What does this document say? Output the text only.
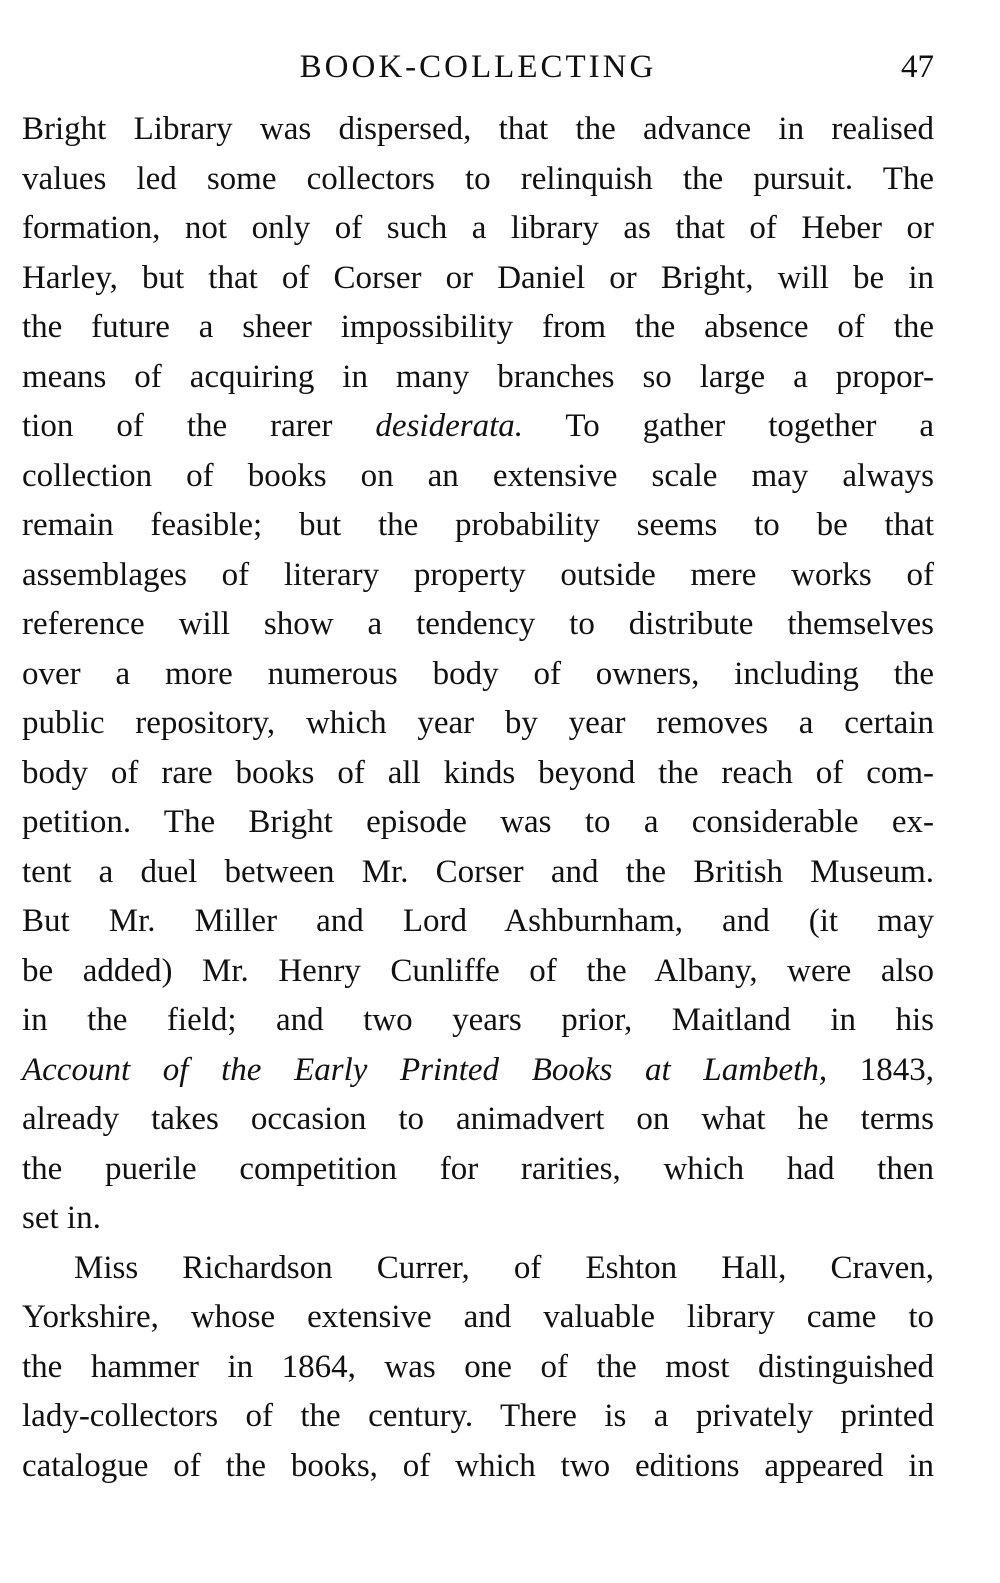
BOOK-COLLECTING	47
Bright Library was dispersed, that the advance in realised
values led some collectors to relinquish the pursuit. The
formation, not only of such a library as that of Heber or
Harley, but that of Corser or Daniel or Bright, will be in
the future a sheer impossibility from the absence of the
means of acquiring in many branches so large a propor-
tion of the rarer desiderata. To gather together a
collection of books on an extensive scale may always
remain feasible; but the probability seems to be that
assemblages of literary property outside mere works of
reference will show a tendency to distribute themselves
over a more numerous body of owners, including the
public repository, which year by year removes a certain
body of rare books of all kinds beyond the reach of com-
petition. The Bright episode was to a considerable ex-
tent a duel between Mr. Corser and the British Museum.
But Mr. Miller and Lord Ashburnham, and (it may
be added) Mr. Henry Cunliffe of the Albany, were also
in the field; and two years prior, Maitland in his
Account of the Early Printed Books at Lambeth, 1843,
already takes occasion to animadvert on what he terms
the puerile competition for rarities, which had then
set in.
Miss Richardson Currer, of Eshton Hall, Craven,
Yorkshire, whose extensive and valuable library came to
the hammer in 1864, was one of the most distinguished
lady-collectors of the century. There is a privately printed
catalogue of the books, of which two editions appeared in
